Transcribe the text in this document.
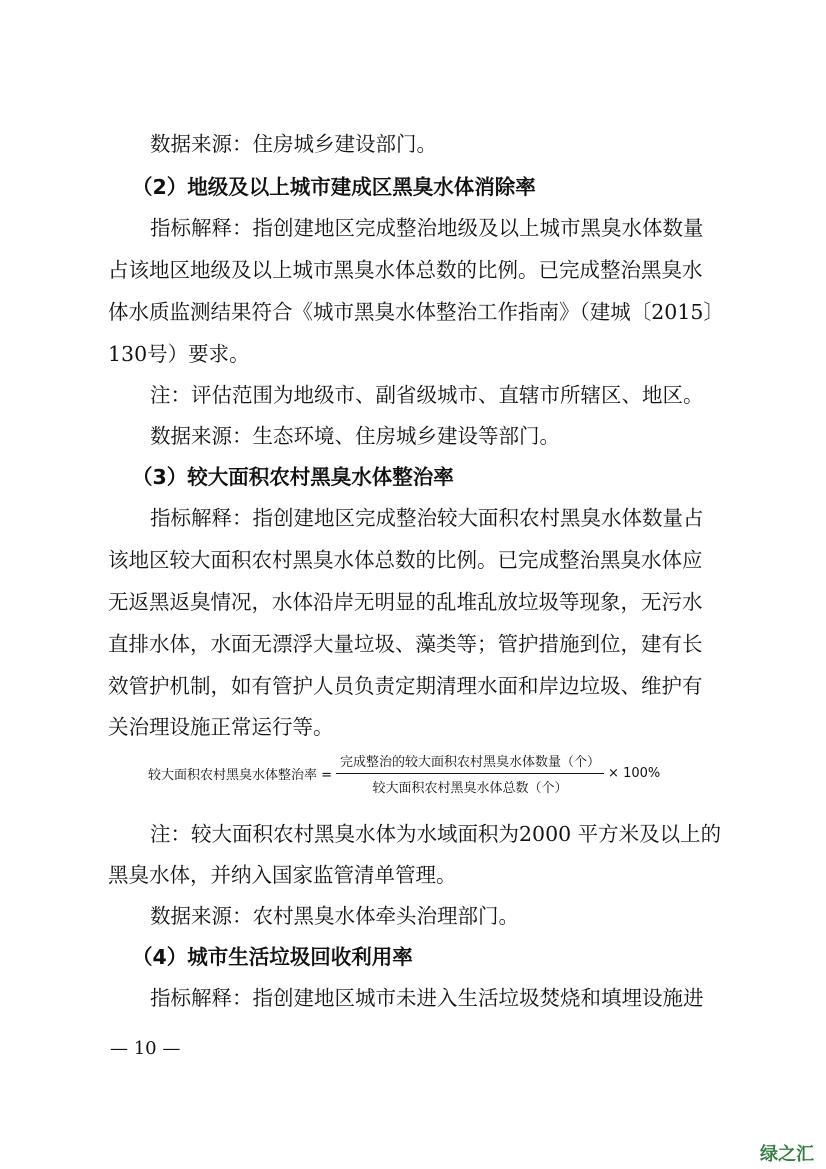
数据来源：住房城乡建设部门。
（2）地级及以上城市建成区黑臭水体消除率
指标解释：指创建地区完成整治地级及以上城市黑臭水体数量
占该地区地级及以上城市黑臭水体总数的比例。已完成整治黑臭水
体水质监测结果符合《城市黑臭水体整治工作指南》（建城〔2015〕
130号）要求。
注：评估范围为地级市、副省级城市、直辖市所辖区、地区。
数据来源：生态环境、住房城乡建设等部门。
（3）较大面积农村黑臭水体整治率
指标解释：指创建地区完成整治较大面积农村黑臭水体数量占
该地区较大面积农村黑臭水体总数的比例。已完成整治黑臭水体应
无返黑返臭情况，水体沿岸无明显的乱堆乱放垃圾等现象，无污水
直排水体，水面无漂浮大量垃圾、藻类等；管护措施到位，建有长
效管护机制，如有管护人员负责定期清理水面和岸边垃圾、维护有
关治理设施正常运行等。
较大面积农村黑臭水体整治率 = $\frac{\text{完成整治的较大面积农村黑臭水体数量（个）}}{\text{较大面积农村黑臭水体总数（个）}} \times 100\%$
注：较大面积农村黑臭水体为水域面积为2000 平方米及以上的
黑臭水体，并纳入国家监管清单管理。
数据来源：农村黑臭水体牵头治理部门。
（4）城市生活垃圾回收利用率
指标解释：指创建地区城市未进入生活垃圾焚烧和填埋设施进
— 10 —
绿之汇
